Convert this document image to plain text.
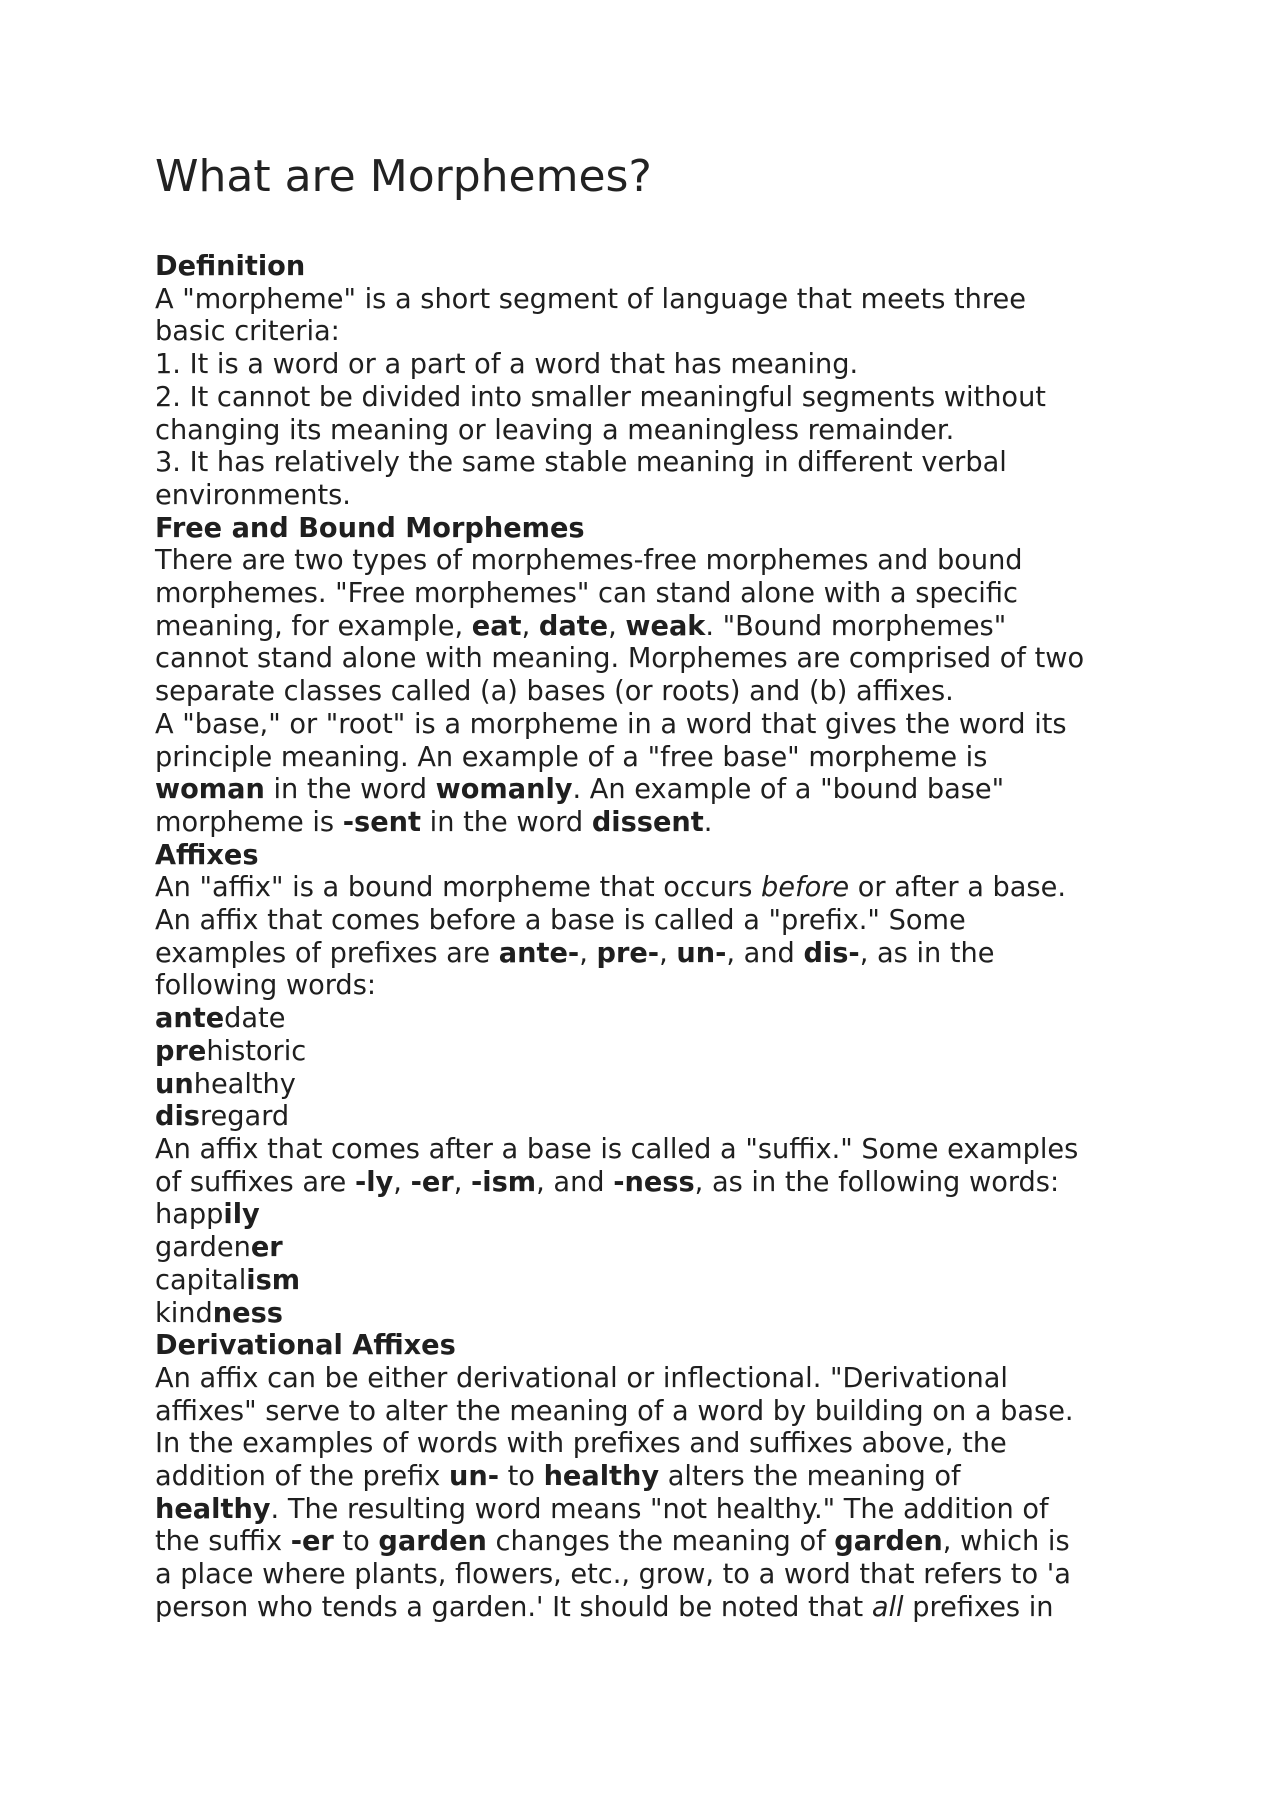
What are Morphemes?
Definition
A "morpheme" is a short segment of language that meets three
basic criteria:
1. It is a word or a part of a word that has meaning.
2. It cannot be divided into smaller meaningful segments without
changing its meaning or leaving a meaningless remainder.
3. It has relatively the same stable meaning in different verbal
environments.
Free and Bound Morphemes
There are two types of morphemes-free morphemes and bound
morphemes. "Free morphemes" can stand alone with a specific
meaning, for example, eat, date, weak. "Bound morphemes"
cannot stand alone with meaning. Morphemes are comprised of two
separate classes called (a) bases (or roots) and (b) affixes.
A "base," or "root" is a morpheme in a word that gives the word its
principle meaning. An example of a "free base" morpheme is
woman in the word womanly. An example of a "bound base"
morpheme is -sent in the word dissent.
Affixes
An "affix" is a bound morpheme that occurs before or after a base.
An affix that comes before a base is called a "prefix." Some
examples of prefixes are ante-, pre-, un-, and dis-, as in the
following words:
antedate
prehistoric
unhealthy
disregard
An affix that comes after a base is called a "suffix." Some examples
of suffixes are -ly, -er, -ism, and -ness, as in the following words:
happily
gardener
capitalism
kindness
Derivational Affixes
An affix can be either derivational or inflectional. "Derivational
affixes" serve to alter the meaning of a word by building on a base.
In the examples of words with prefixes and suffixes above, the
addition of the prefix un- to healthy alters the meaning of
healthy. The resulting word means "not healthy." The addition of
the suffix -er to garden changes the meaning of garden, which is
a place where plants, flowers, etc., grow, to a word that refers to 'a
person who tends a garden.' It should be noted that all prefixes in
